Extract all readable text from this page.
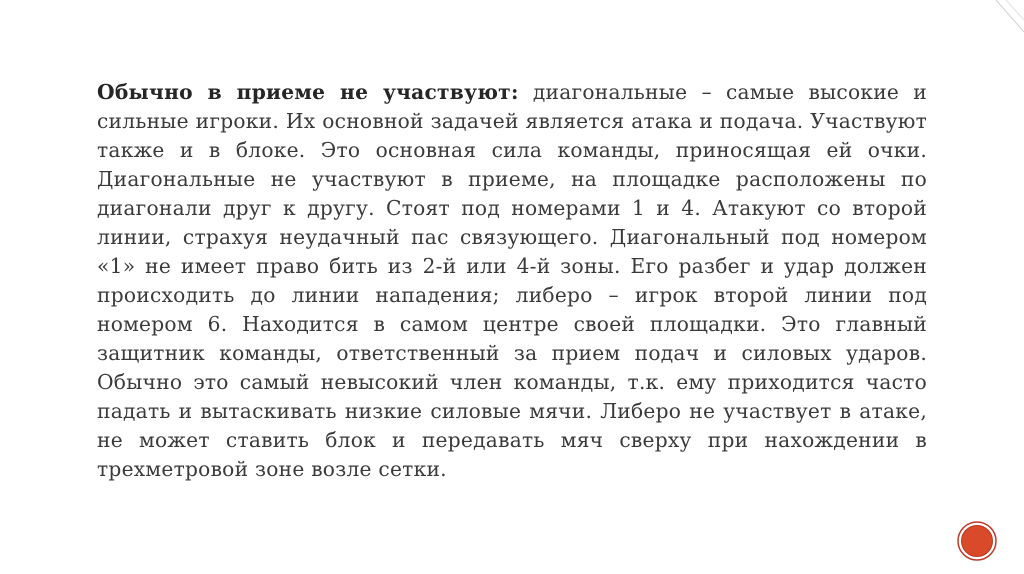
Обычно в приеме не участвуют: диагональные – самые высокие и сильные игроки. Их основной задачей является атака и подача. Участвуют также и в блоке. Это основная сила команды, приносящая ей очки. Диагональные не участвуют в приеме, на площадке расположены по диагонали друг к другу. Стоят под номерами 1 и 4. Атакуют со второй линии, страхуя неудачный пас связующего. Диагональный под номером «1» не имеет право бить из 2-й или 4-й зоны. Его разбег и удар должен происходить до линии нападения; либеро – игрок второй линии под номером 6. Находится в самом центре своей площадки. Это главный защитник команды, ответственный за прием подач и силовых ударов. Обычно это самый невысокий член команды, т.к. ему приходится часто падать и вытаскивать низкие силовые мячи. Либеро не участвует в атаке, не может ставить блок и передавать мяч сверху при нахождении в трехметровой зоне возле сетки.
